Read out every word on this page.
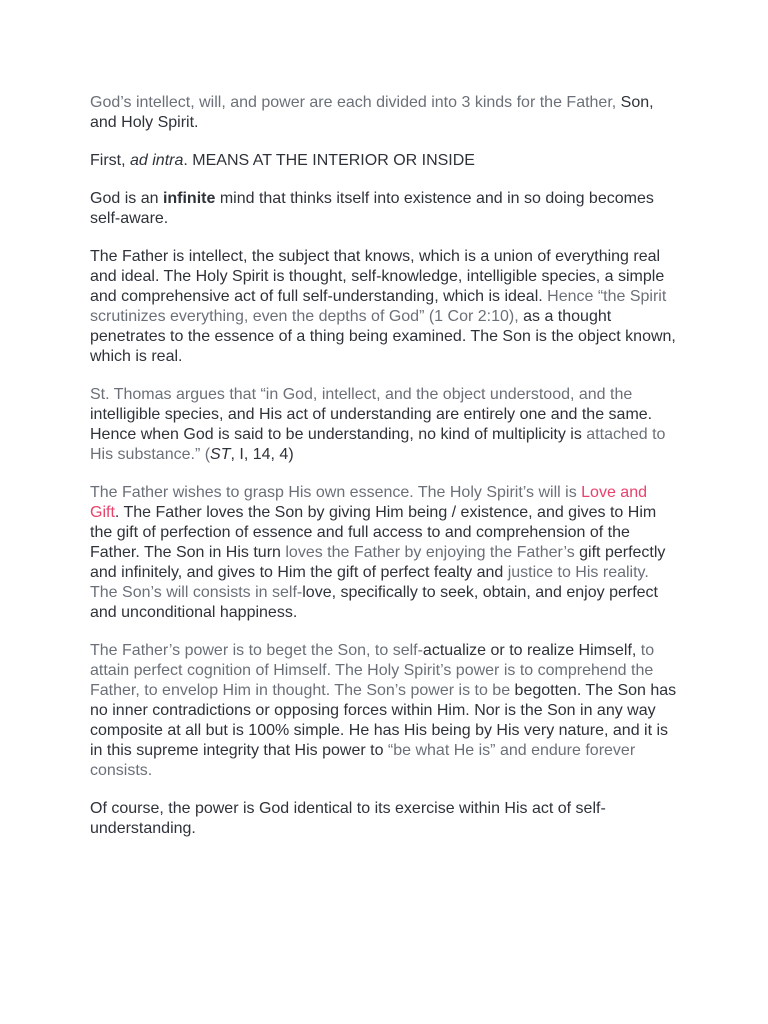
God’s intellect, will, and power are each divided into 3 kinds for the Father, Son, and Holy Spirit.

First, ad intra. MEANS AT THE INTERIOR OR INSIDE

God is an infinite mind that thinks itself into existence and in so doing becomes self-aware.

The Father is intellect, the subject that knows, which is a union of everything real and ideal. The Holy Spirit is thought, self-knowledge, intelligible species, a simple and comprehensive act of full self-understanding, which is ideal. Hence “the Spirit scrutinizes everything, even the depths of God” (1 Cor 2:10), as a thought penetrates to the essence of a thing being examined. The Son is the object known, which is real.

St. Thomas argues that “in God, intellect, and the object understood, and the intelligible species, and His act of understanding are entirely one and the same. Hence when God is said to be understanding, no kind of multiplicity is attached to His substance.” (ST, I, 14, 4)

The Father wishes to grasp His own essence. The Holy Spirit’s will is Love and Gift. The Father loves the Son by giving Him being / existence, and gives to Him the gift of perfection of essence and full access to and comprehension of the Father. The Son in His turn loves the Father by enjoying the Father’s gift perfectly and infinitely, and gives to Him the gift of perfect fealty and justice to His reality. The Son’s will consists in self-love, specifically to seek, obtain, and enjoy perfect and unconditional happiness.

The Father’s power is to beget the Son, to self-actualize or to realize Himself, to attain perfect cognition of Himself. The Holy Spirit’s power is to comprehend the Father, to envelop Him in thought. The Son’s power is to be begotten. The Son has no inner contradictions or opposing forces within Him. Nor is the Son in any way composite at all but is 100% simple. He has His being by His very nature, and it is in this supreme integrity that His power to “be what He is” and endure forever consists.

Of course, the power is God identical to its exercise within His act of self-understanding.
